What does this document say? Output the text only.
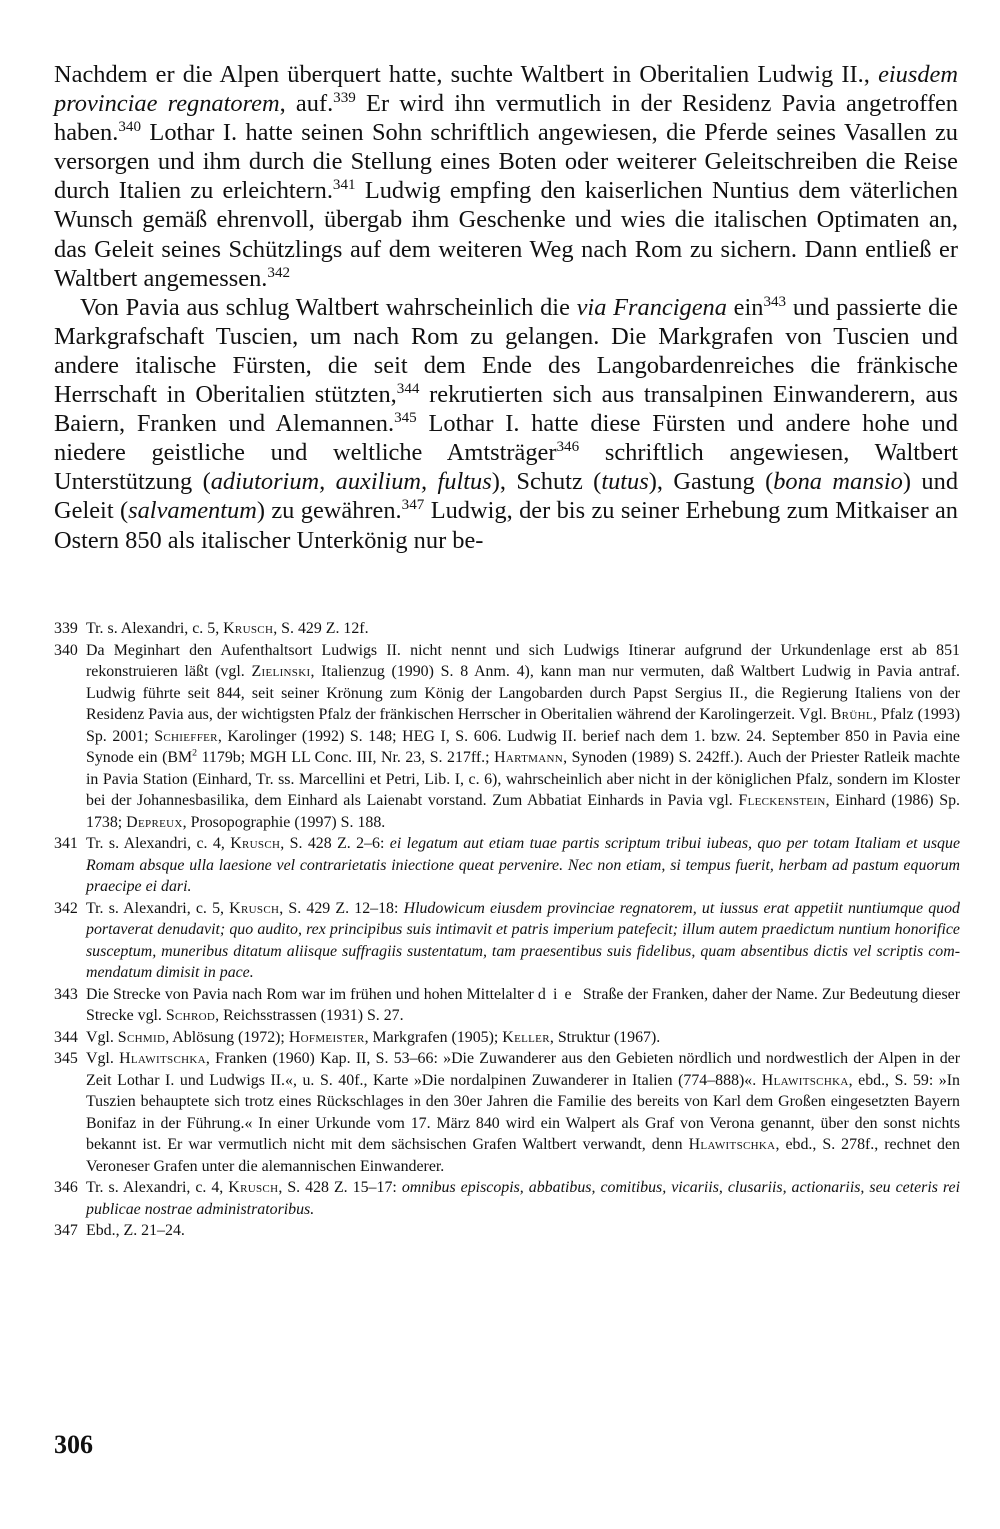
Nachdem er die Alpen überquert hatte, suchte Waltbert in Oberitalien Ludwig II., eiusdem provinciae regnatorem, auf.$^{339}$ Er wird ihn vermutlich in der Residenz Pavia angetroffen haben.$^{340}$ Lothar I. hatte seinen Sohn schriftlich angewiesen, die Pferde seines Vasallen zu versorgen und ihm durch die Stellung eines Boten oder weiterer Geleitschreiben die Reise durch Italien zu erleichtern.$^{341}$ Ludwig empfing den kaiserlichen Nuntius dem väterlichen Wunsch gemäß ehrenvoll, übergab ihm Geschenke und wies die italischen Optimaten an, das Geleit seines Schützlings auf dem weiteren Weg nach Rom zu sichern. Dann entließ er Waltbert angemessen.$^{342}$

Von Pavia aus schlug Waltbert wahrscheinlich die via Francigena ein$^{343}$ und passierte die Markgrafschaft Tuscien, um nach Rom zu gelangen. Die Markgrafen von Tuscien und andere italische Fürsten, die seit dem Ende des Langobardenreiches die fränkische Herrschaft in Oberitalien stützten,$^{344}$ rekrutierten sich aus transalpinen Einwanderern, aus Baiern, Franken und Alemannen.$^{345}$ Lothar I. hatte diese Fürsten und andere hohe und niedere geistliche und weltliche Amtsträger$^{346}$ schriftlich angewiesen, Waltbert Unterstützung (adiutorium, auxilium, fultus), Schutz (tutus), Gastung (bona mansio) und Geleit (salvamentum) zu gewähren.$^{347}$ Ludwig, der bis zu seiner Erhebung zum Mitkaiser an Ostern 850 als italischer Unterkönig nur be-

339 Tr. s. Alexandri, c. 5, Krusch, S. 429 Z. 12f.
340 Da Meginhart den Aufenthaltsort Ludwigs II. nicht nennt und sich Ludwigs Itinerar aufgrund der Urkundenlage erst ab 851 rekonstruieren läßt (vgl. Zielinski, Italienzug (1990) S. 8 Anm. 4), kann man nur vermuten, daß Waltbert Ludwig in Pavia antraf. Ludwig führte seit 844, seit seiner Krönung zum König der Langobarden durch Papst Sergius II., die Regierung Italiens von der Residenz Pavia aus, der wichtigsten Pfalz der fränkischen Herrscher in Oberitalien während der Karolingerzeit. Vgl. Brühl, Pfalz (1993) Sp. 2001; Schieffer, Karolinger (1992) S. 148; HEG I, S. 606. Ludwig II. berief nach dem 1. bzw. 24. September 850 in Pavia eine Synode ein ($BM^2$ 1179b; MGH LL Conc. III, Nr. 23, S. 217ff.; Hartmann, Synoden (1989) S. 242ff.). Auch der Priester Ratleik machte in Pavia Station (Einhard, Tr. ss. Marcellini et Petri, Lib. I, c. 6), wahrscheinlich aber nicht in der königlichen Pfalz, sondern im Kloster bei der Johannesbasilika, dem Einhard als Laienabt vorstand. Zum Abbatiat Einhards in Pavia vgl. Fleckenstein, Einhard (1986) Sp. 1738; Depreux, Prosopographie (1997) S. 188.
341 Tr. s. Alexandri, c. 4, Krusch, S. 428 Z. 2–6: ei legatum aut etiam tuae partis scriptum tribui iubeas, quo per totam Italiam et usque Romam absque ulla laesione vel contrarietatis iniectione queat pervenire. Nec non etiam, si tempus fuerit, herbam ad pastum equorum praecipe ei dari.
342 Tr. s. Alexandri, c. 5, Krusch, S. 429 Z. 12–18: Hludowicum eiusdem provinciae regnatorem, ut iussus erat appetiit nuntiumque quod portaverat denudavit; quo audito, rex principibus suis intimavit et patris imperium patefecit; illum autem praedictum nuntium honorifice susceptum, muneribus ditatum aliisque suffragiis sustentatum, tam praesentibus suis fidelibus, quam absentibus dictis vel scriptis commendatum dimisit in pace.
343 Die Strecke von Pavia nach Rom war im frühen und hohen Mittelalter die Straße der Franken, daher der Name. Zur Bedeutung dieser Strecke vgl. Schrod, Reichsstrassen (1931) S. 27.
344 Vgl. Schmid, Ablösung (1972); Hofmeister, Markgrafen (1905); Keller, Struktur (1967).
345 Vgl. Hlawitschka, Franken (1960) Kap. II, S. 53–66: »Die Zuwanderer aus den Gebieten nördlich und nordwestlich der Alpen in der Zeit Lothar I. und Ludwigs II.«, u. S. 40f., Karte »Die nordalpinen Zuwanderer in Italien (774–888)«. Hlawitschka, ebd., S. 59: »In Tuszien behauptete sich trotz eines Rückschlages in den 30er Jahren die Familie des bereits von Karl dem Großen eingesetzten Bayern Bonifaz in der Führung.« In einer Urkunde vom 17. März 840 wird ein Walpert als Graf von Verona genannt, über den sonst nichts bekannt ist. Er war vermutlich nicht mit dem sächsischen Grafen Waltbert verwandt, denn Hlawitschka, ebd., S. 278f., rechnet den Veroneser Grafen unter die alemannischen Einwanderer.
346 Tr. s. Alexandri, c. 4, Krusch, S. 428 Z. 15–17: omnibus episcopis, abbatibus, comitibus, vicariis, clusariis, actionariis, seu ceteris rei publicae nostrae administratoribus.
347 Ebd., Z. 21–24.
306
